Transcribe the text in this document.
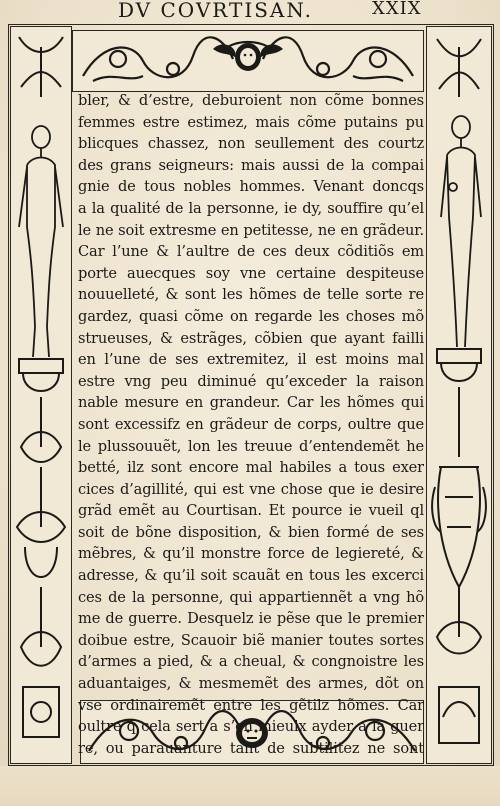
DV COVRTISAN.	XXIX
bler, & d’estre, deburoient non cõme bonnes
femmes estre estimez, mais cõme putains pu
blicques chassez, non seullement des courtz
des grans seigneurs: mais aussi de la compai
gnie de tous nobles hommes. Venant doncqs
a la qualité de la personne, ie dy, souffire qu’el
le ne soit extresme en petitesse, ne en grãdeur.
Car l’une & l’aultre de ces deux cõditiõs em
porte auecques soy vne certaine despiteuse
nouuelleté, & sont les hõmes de telle sorte re
gardez, quasi cõme on regarde les choses mõ
strueuses, & estrãges, cõbien que ayant failli
en l’une de ses extremitez, il est moins mal
estre vng peu diminué qu’exceder la raison
nable mesure en grandeur. Car les hõmes qui
sont excessifz en grãdeur de corps, oultre que
le plussouuẽt, lon les treuue d’entendemẽt he
betté, ilz sont encore mal habiles a tous exer
cices d’agillité, qui est vne chose que ie desire
grãd emẽt au Courtisan. Et pource ie vueil ql
soit de bõne disposition, & bien formé de ses
mẽbres, & qu’il monstre force de legiereté, &
adresse, & qu’il soit scauãt en tous les excerci
ces de la personne, qui appartiennẽt a vng hõ
me de guerre. Desquelz ie pẽse que le premier
doibue estre, Scauoir biẽ manier toutes sortes
d’armes a pied, & a cheual, & congnoistre les
aduantaiges, & mesmemẽt des armes, dõt on
vse ordinairemẽt entre les gẽtilz hõmes. Car
oultre q̃ cela sert a s’en mieulx ayder a la guer
re, ou parauanture tant de subtilitez ne sont
